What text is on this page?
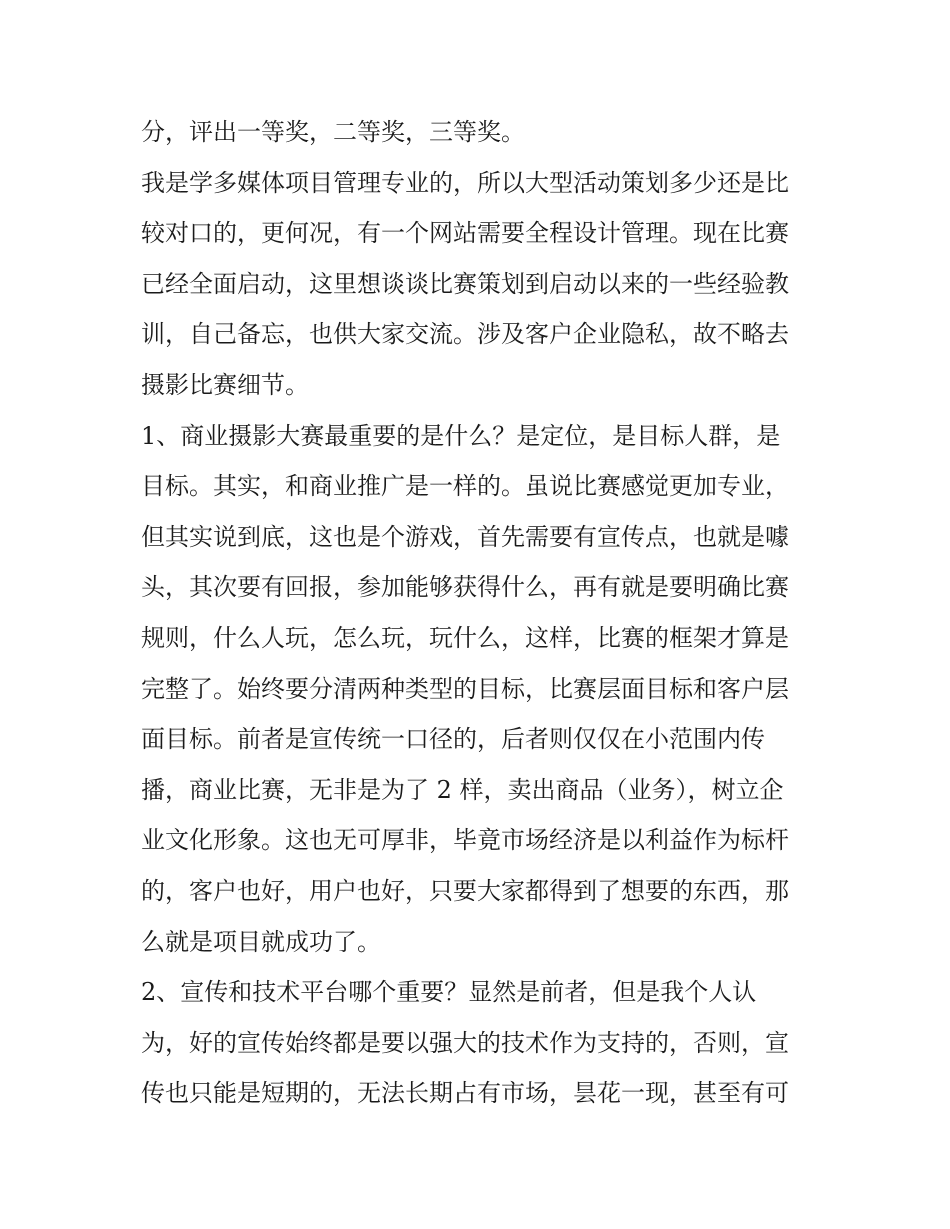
分，评出一等奖，二等奖，三等奖。
我是学多媒体项目管理专业的，所以大型活动策划多少还是比
较对口的，更何况，有一个网站需要全程设计管理。现在比赛
已经全面启动，这里想谈谈比赛策划到启动以来的一些经验教
训，自己备忘，也供大家交流。涉及客户企业隐私，故不略去
摄影比赛细节。
1、商业摄影大赛最重要的是什么？是定位，是目标人群，是
目标。其实，和商业推广是一样的。虽说比赛感觉更加专业，
但其实说到底，这也是个游戏，首先需要有宣传点，也就是噱
头，其次要有回报，参加能够获得什么，再有就是要明确比赛
规则，什么人玩，怎么玩，玩什么，这样，比赛的框架才算是
完整了。始终要分清两种类型的目标，比赛层面目标和客户层
面目标。前者是宣传统一口径的，后者则仅仅在小范围内传
播，商业比赛，无非是为了 2 样，卖出商品（业务），树立企
业文化形象。这也无可厚非，毕竟市场经济是以利益作为标杆
的，客户也好，用户也好，只要大家都得到了想要的东西，那
么就是项目就成功了。
2、宣传和技术平台哪个重要？显然是前者，但是我个人认
为，好的宣传始终都是要以强大的技术作为支持的，否则，宣
传也只能是短期的，无法长期占有市场，昙花一现，甚至有可
